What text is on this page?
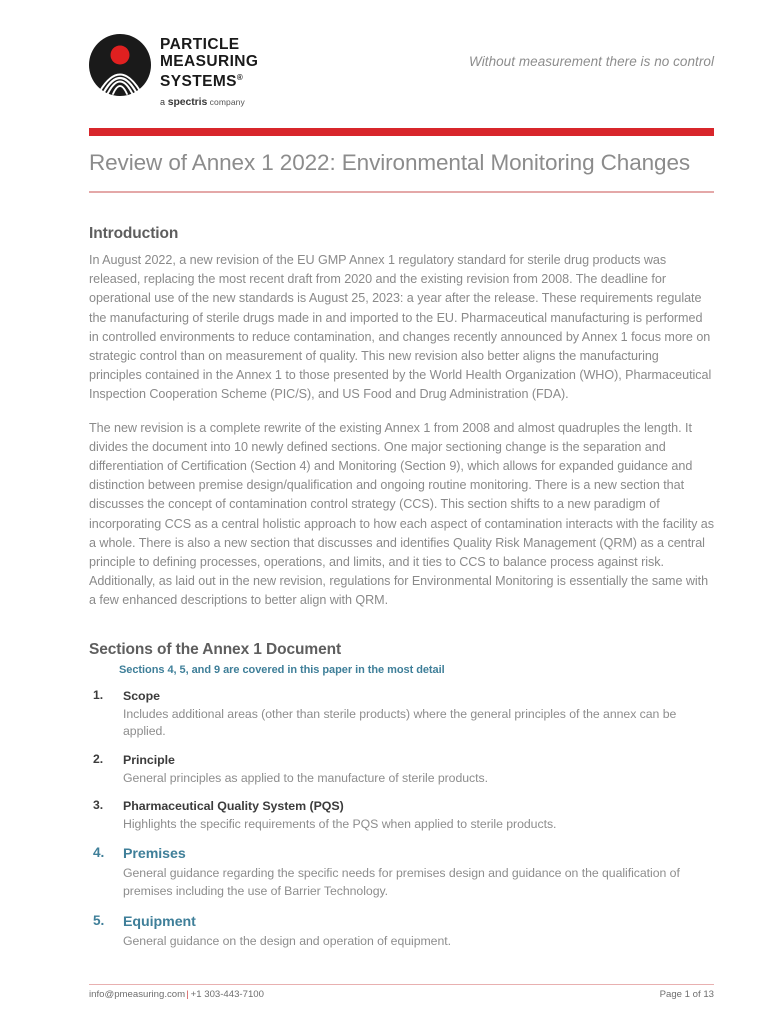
PARTICLE
MEASURING
SYSTEMS®
a spectris company
Without measurement there is no control
Review of Annex 1 2022: Environmental Monitoring Changes
Introduction

In August 2022, a new revision of the EU GMP Annex 1 regulatory standard for sterile drug products was released, replacing the most recent draft from 2020 and the existing revision from 2008. The deadline for operational use of the new standards is August 25, 2023: a year after the release. These requirements regulate the manufacturing of sterile drugs made in and imported to the EU. Pharmaceutical manufacturing is performed in controlled environments to reduce contamination, and changes recently announced by Annex 1 focus more on strategic control than on measurement of quality. This new revision also better aligns the manufacturing principles contained in the Annex 1 to those presented by the World Health Organization (WHO), Pharmaceutical Inspection Cooperation Scheme (PIC/S), and US Food and Drug Administration (FDA).

The new revision is a complete rewrite of the existing Annex 1 from 2008 and almost quadruples the length. It divides the document into 10 newly defined sections. One major sectioning change is the separation and differentiation of Certification (Section 4) and Monitoring (Section 9), which allows for expanded guidance and distinction between premise design/qualification and ongoing routine monitoring. There is a new section that discusses the concept of contamination control strategy (CCS). This section shifts to a new paradigm of incorporating CCS as a central holistic approach to how each aspect of contamination interacts with the facility as a whole. There is also a new section that discusses and identifies Quality Risk Management (QRM) as a central principle to defining processes, operations, and limits, and it ties to CCS to balance process against risk. Additionally, as laid out in the new revision, regulations for Environmental Monitoring is essentially the same with a few enhanced descriptions to better align with QRM.

Sections of the Annex 1 Document
Sections 4, 5, and 9 are covered in this paper in the most detail
1. Scope
Includes additional areas (other than sterile products) where the general principles of the annex can be applied.
2. Principle
General principles as applied to the manufacture of sterile products.
3. Pharmaceutical Quality System (PQS)
Highlights the specific requirements of the PQS when applied to sterile products.
4. Premises
General guidance regarding the specific needs for premises design and guidance on the qualification of premises including the use of Barrier Technology.
5. Equipment
General guidance on the design and operation of equipment.
info@pmeasuring.com| +1 303-443-7100	Page 1 of 13
